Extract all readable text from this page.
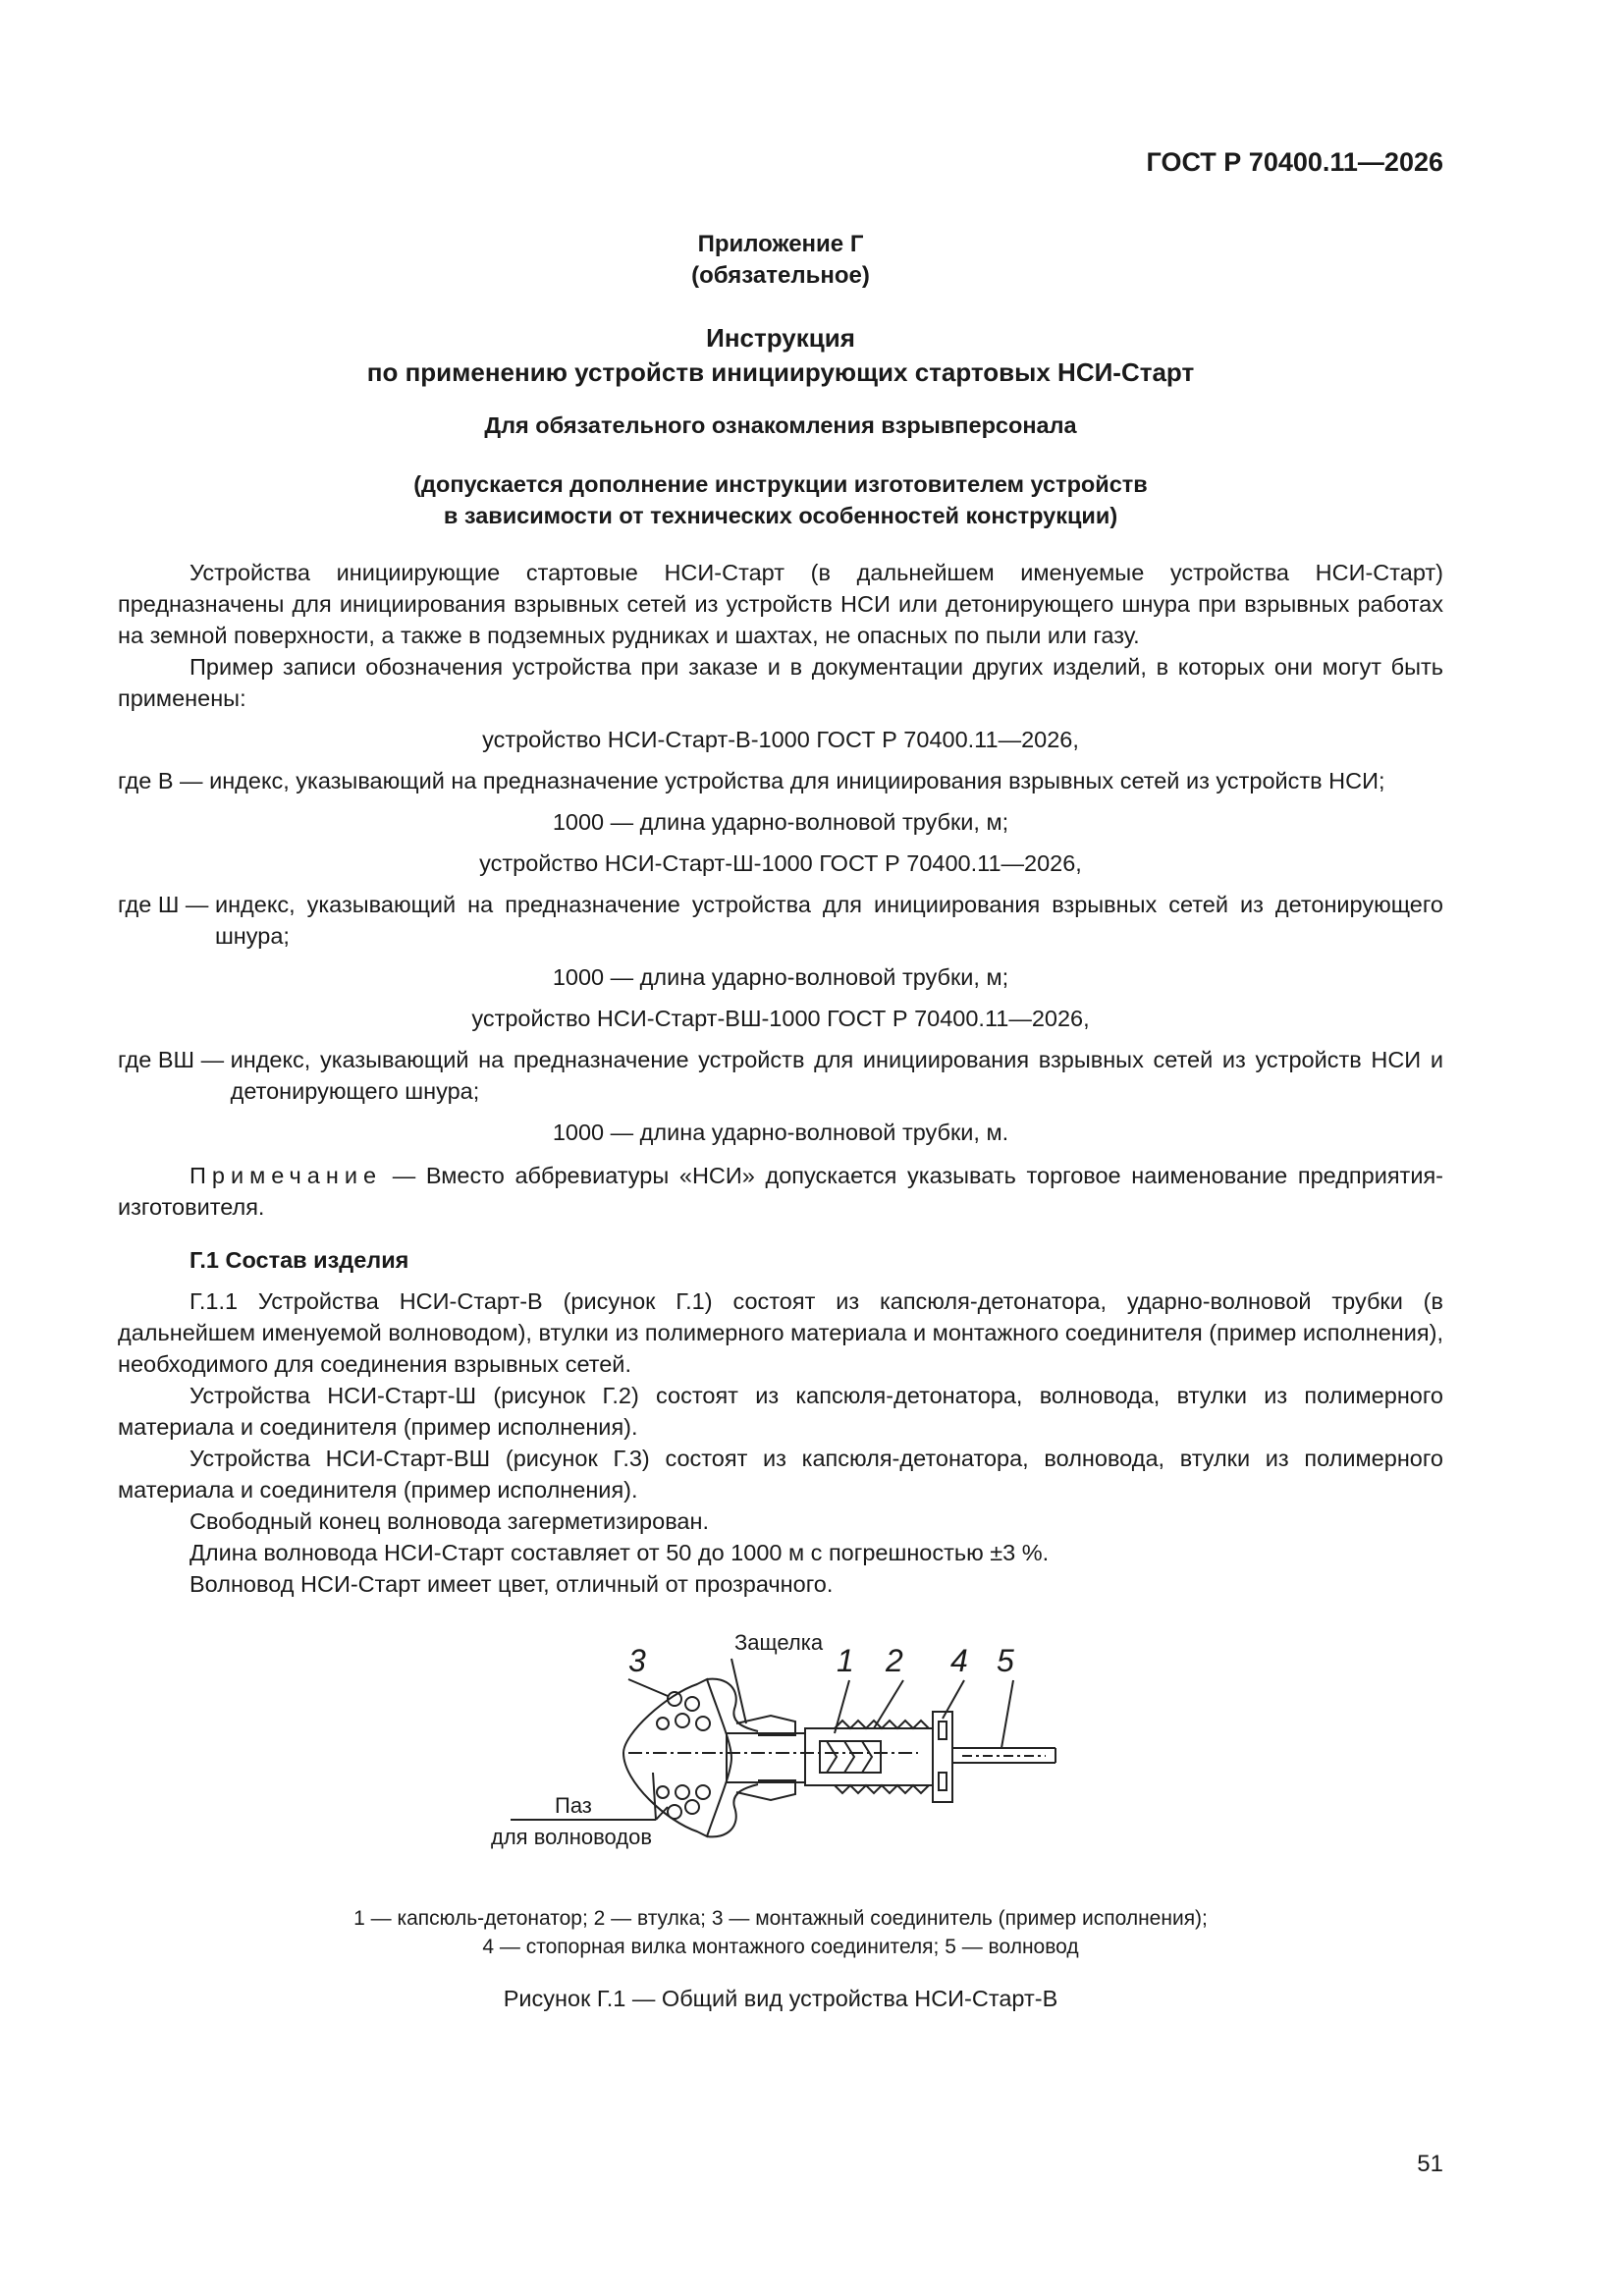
ГОСТ Р 70400.11—2026
Приложение Г
(обязательное)
Инструкция
по применению устройств инициирующих стартовых НСИ-Старт
Для обязательного ознакомления взрывперсонала
(допускается дополнение инструкции изготовителем устройств
в зависимости от технических особенностей конструкции)

Устройства инициирующие стартовые НСИ-Старт (в дальнейшем именуемые устройства НСИ-Старт) предназначены для инициирования взрывных сетей из устройств НСИ или детонирующего шнура при взрывных работах на земной поверхности, а также в подземных рудниках и шахтах, не опасных по пыли или газу.

Пример записи обозначения устройства при заказе и в документации других изделий, в которых они могут быть применены:

устройство НСИ-Старт-В-1000 ГОСТ Р 70400.11—2026,

где В — индекс, указывающий на предназначение устройства для инициирования взрывных сетей из устройств НСИ;

1000 — длина ударно-волновой трубки, м;

устройство НСИ-Старт-Ш-1000 ГОСТ Р 70400.11—2026,

где Ш — индекс, указывающий на предназначение устройства для инициирования взрывных сетей из детонирующего шнура;

1000 — длина ударно-волновой трубки, м;

устройство НСИ-Старт-ВШ-1000 ГОСТ Р 70400.11—2026,

где ВШ — индекс, указывающий на предназначение устройств для инициирования взрывных сетей из устройств НСИ и детонирующего шнура;

1000 — длина ударно-волновой трубки, м.

Примечание — Вместо аббревиатуры «НСИ» допускается указывать торговое наименование предприятия-изготовителя.

Г.1 Состав изделия

Г.1.1 Устройства НСИ-Старт-В (рисунок Г.1) состоят из капсюля-детонатора, ударно-волновой трубки (в дальнейшем именуемой волноводом), втулки из полимерного материала и монтажного соединителя (пример исполнения), необходимого для соединения взрывных сетей.

Устройства НСИ-Старт-Ш (рисунок Г.2) состоят из капсюля-детонатора, волновода, втулки из полимерного материала и соединителя (пример исполнения).

Устройства НСИ-Старт-ВШ (рисунок Г.3) состоят из капсюля-детонатора, волновода, втулки из полимерного материала и соединителя (пример исполнения).

Свободный конец волновода загерметизирован.

Длина волновода НСИ-Старт составляет от 50 до 1000 м с погрешностью ±3 %.

Волновод НСИ-Старт имеет цвет, отличный от прозрачного.

3
Защелка
1 2 4 5
Паз
для волноводов
1 — капсюль-детонатор; 2 — втулка; 3 — монтажный соединитель (пример исполнения);
4 — стопорная вилка монтажного соединителя; 5 — волновод
Рисунок Г.1 — Общий вид устройства НСИ-Старт-В
51
